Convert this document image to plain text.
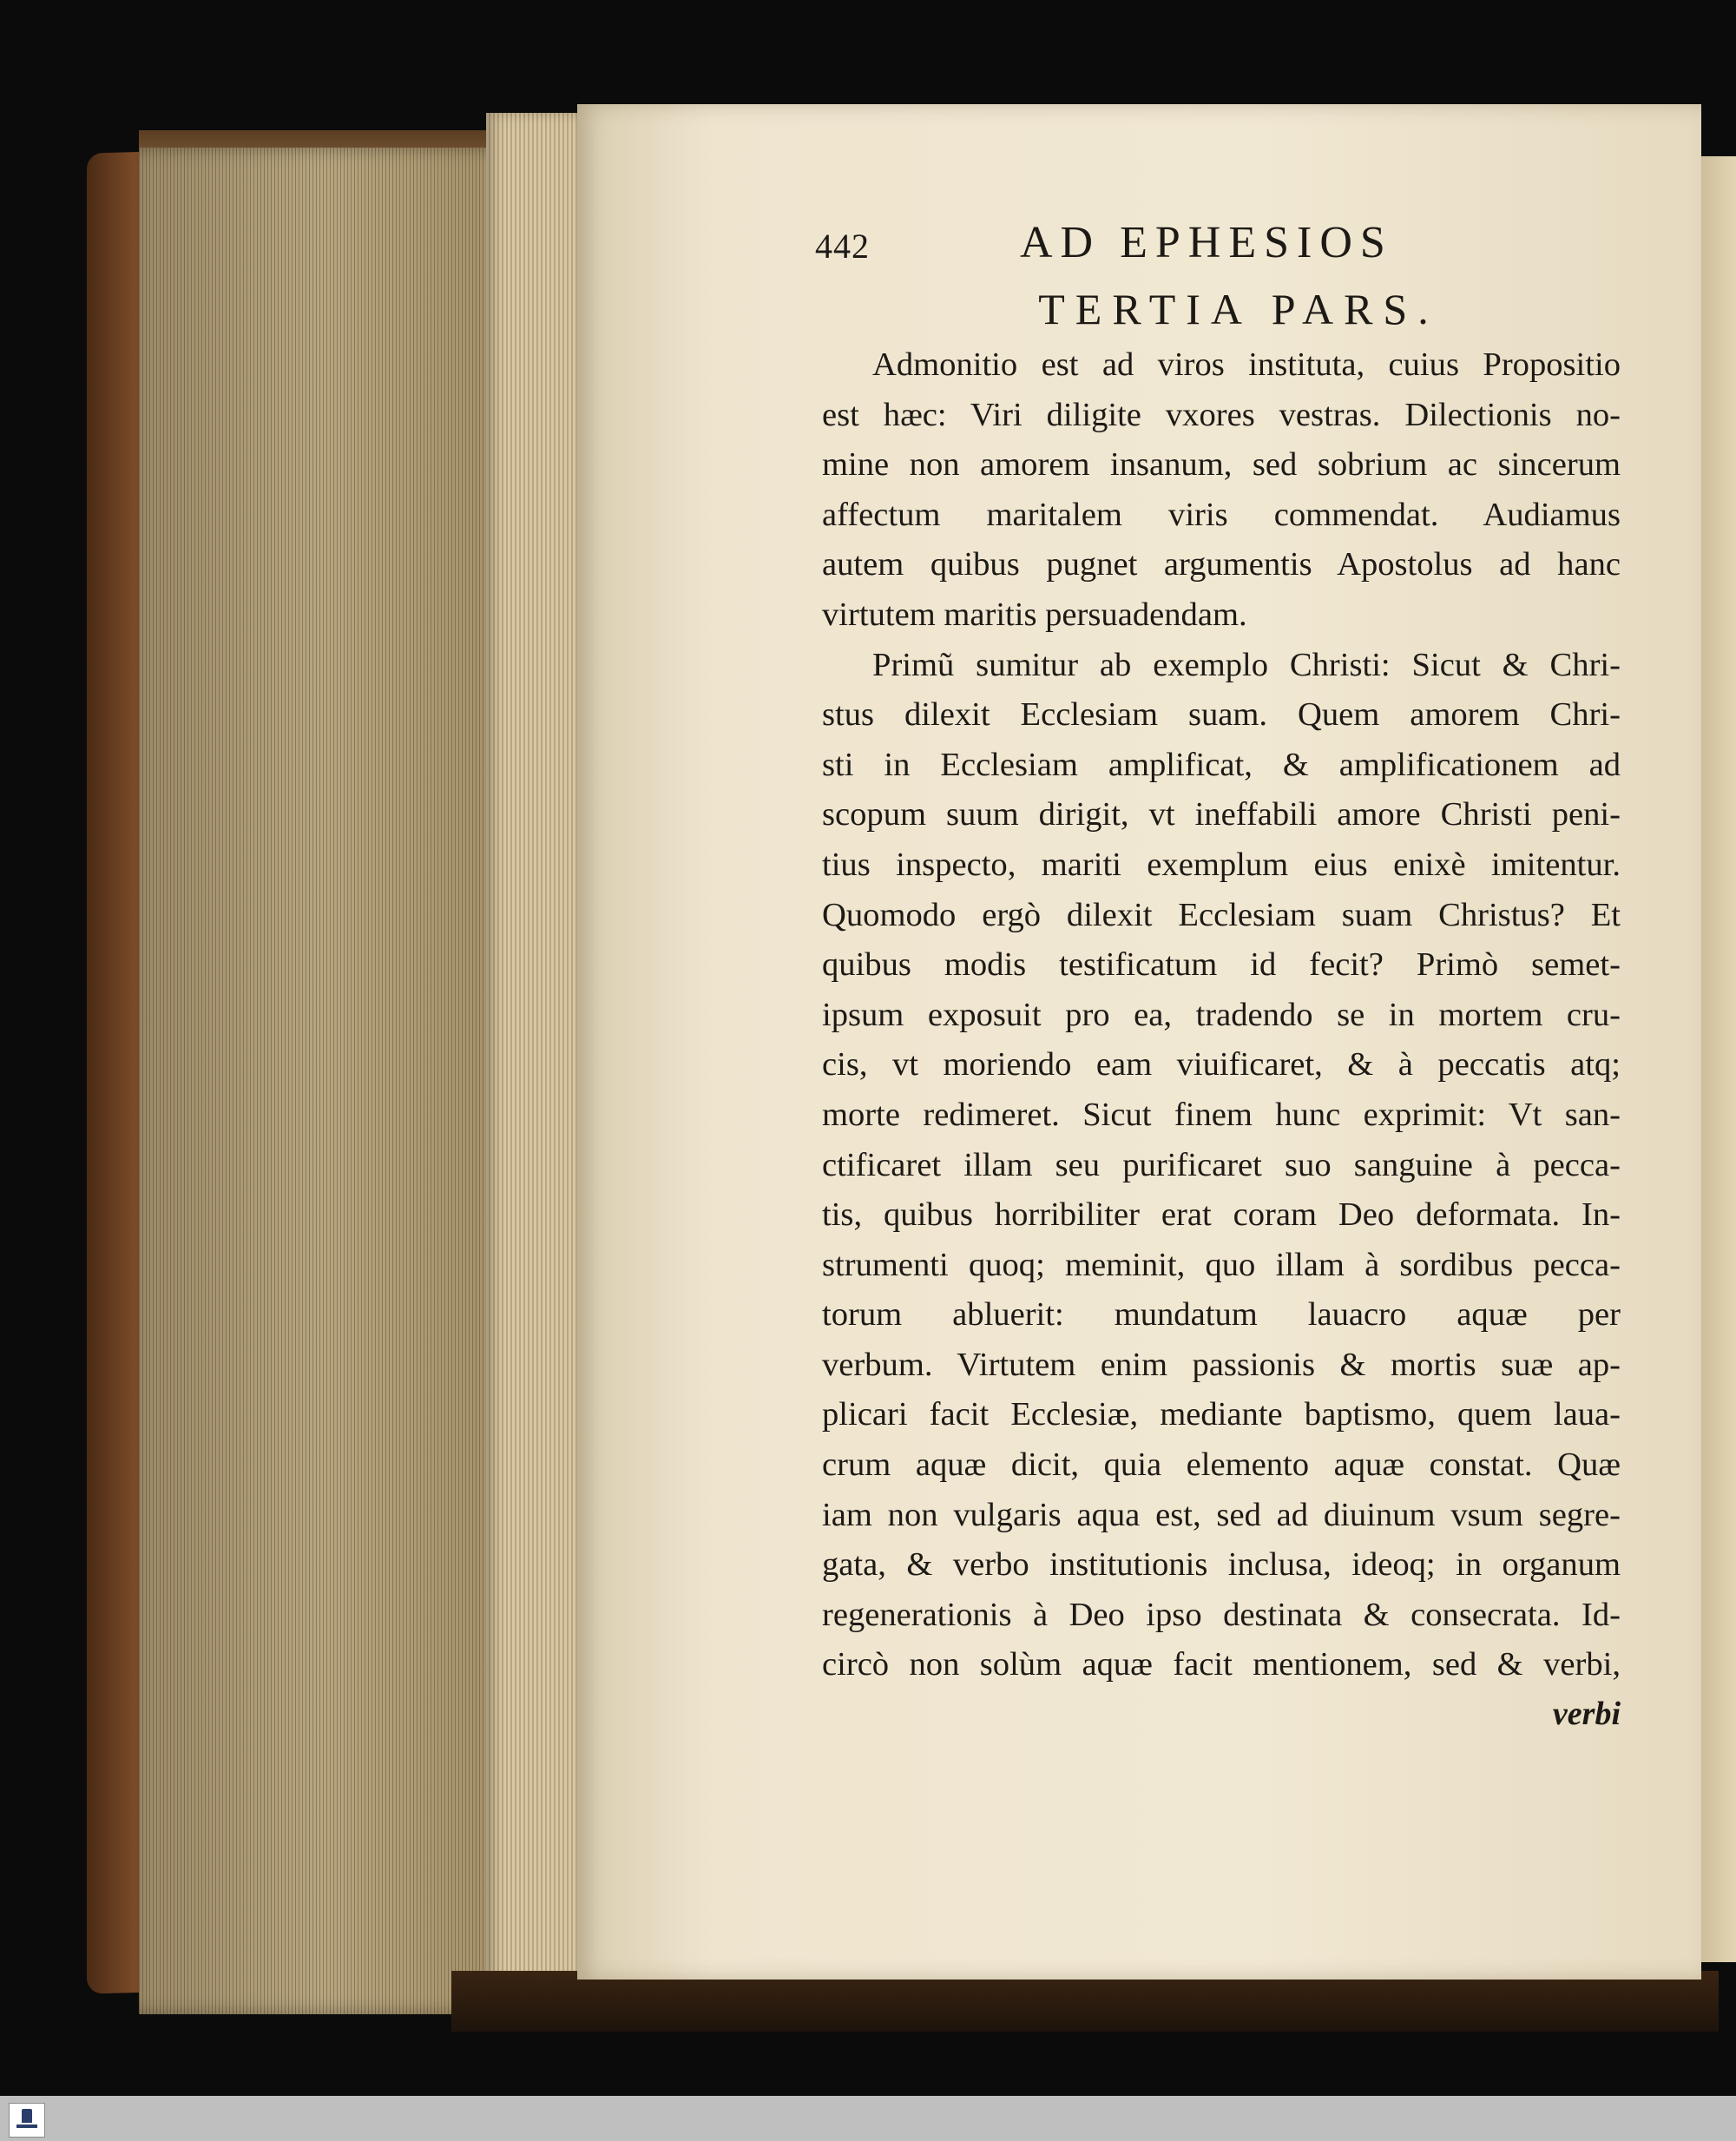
442	AD EPHESIOS
TERTIA PARS.

Admonitio est ad viros instituta, cuius Propositio

est hæc: Viri diligite vxores vestras. Dilectionis no-

mine non amorem insanum, sed sobrium ac sincerum

affectum maritalem viris commendat. Audiamus

autem quibus pugnet argumentis Apostolus ad hanc

virtutem maritis persuadendam.

Primũ sumitur ab exemplo Christi: Sicut & Chri-

stus dilexit Ecclesiam suam. Quem amorem Chri-

sti in Ecclesiam amplificat, & amplificationem ad

scopum suum dirigit, vt ineffabili amore Christi peni-

tius inspecto, mariti exemplum eius enixè imitentur.

Quomodo ergò dilexit Ecclesiam suam Christus? Et

quibus modis testificatum id fecit? Primò semet-

ipsum exposuit pro ea, tradendo se in mortem cru-

cis, vt moriendo eam viuificaret, & à peccatis atq;

morte redimeret. Sicut finem hunc exprimit: Vt san-

ctificaret illam seu purificaret suo sanguine à pecca-

tis, quibus horribiliter erat coram Deo deformata. In-

strumenti quoq; meminit, quo illam à sordibus pecca-

torum abluerit: mundatum lauacro aquæ per

verbum. Virtutem enim passionis & mortis suæ ap-

plicari facit Ecclesiæ, mediante baptismo, quem laua-

crum aquæ dicit, quia elemento aquæ constat. Quæ

iam non vulgaris aqua est, sed ad diuinum vsum segre-

gata, & verbo institutionis inclusa, ideoq; in organum

regenerationis à Deo ipso destinata & consecrata. Id-

circò non solùm aquæ facit mentionem, sed & verbi,

verbi
